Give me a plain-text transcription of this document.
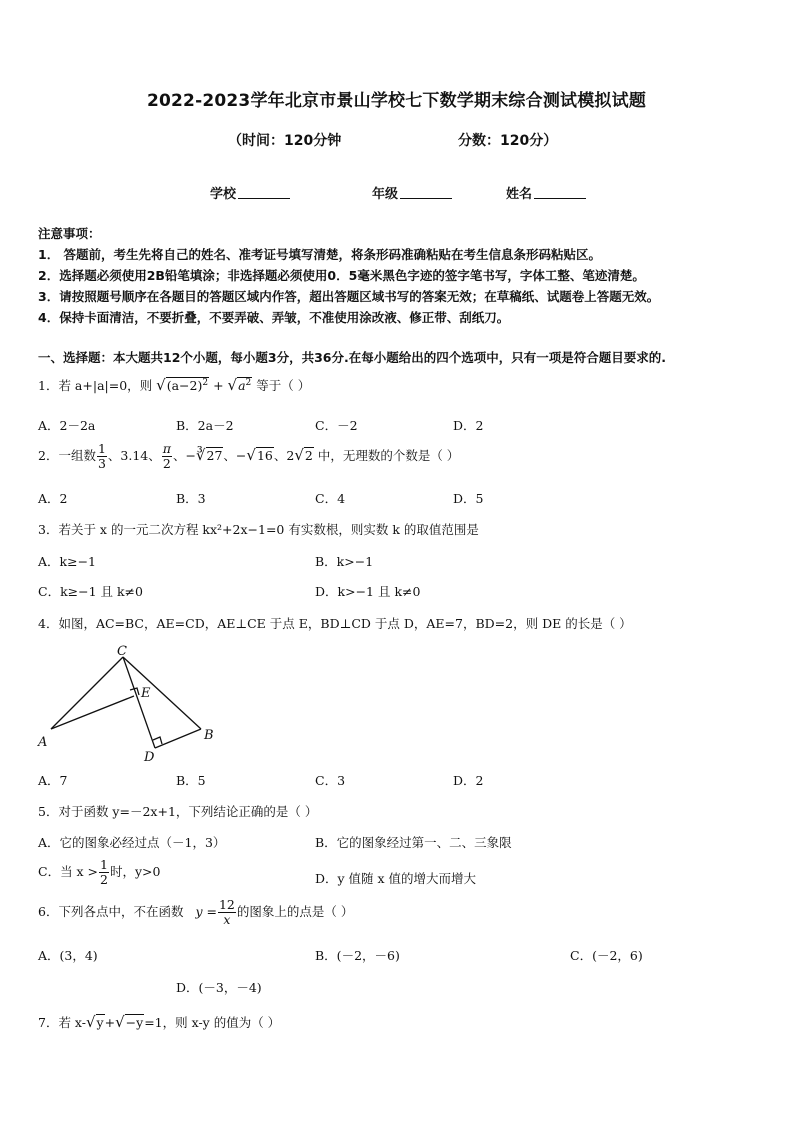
2022-2023学年北京市景山学校七下数学期末综合测试模拟试题
（时间：120分钟	分数：120分）
学校	年级	姓名
注意事项：
1． 答题前，考生先将自己的姓名、准考证号填写清楚，将条形码准确粘贴在考生信息条形码粘贴区。
2．选择题必须使用2B铅笔填涂；非选择题必须使用0．5毫米黑色字迹的签字笔书写，字体工整、笔迹清楚。
3．请按照题号顺序在各题目的答题区域内作答，超出答题区域书写的答案无效；在草稿纸、试题卷上答题无效。
4．保持卡面清洁，不要折叠，不要弄破、弄皱，不准使用涂改液、修正带、刮纸刀。
一、选择题：本大题共12个小题，每小题3分，共36分.在每小题给出的四个选项中，只有一项是符合题目要求的.
1．若 a+|a|=0，则 $√(a-2)^2 + √a^2$ 等于（ ）
A．2－2a	B．2a－2	C．－2	D．2
2．一组数 $\frac{1}{3}$ 、3.14、 $\frac{\pi}{2}$ 、−∛27、−√16、2√2 中，无理数的个数是（ ）
A．2	B．3	C．4	D．5
3．若关于 x 的一元二次方程 kx²+2x−1=0 有实数根，则实数 k 的取值范围是
A．k≥−1	B．k>−1
C．k≥−1 且 k≠0	D．k>−1 且 k≠0
4．如图，AC=BC，AE=CD，AE⊥CE 于点 E，BD⊥CD 于点 D，AE=7，BD=2，则 DE 的长是（ ）
C
E
A
D
B
A．7	B．5	C．3	D．2
5．对于函数 y=－2x+1，下列结论正确的是（ ）
A．它的图象必经过点（－1，3）	B．它的图象经过第一、二、三象限
C．当 $x > \frac{1}{2}$ 时，y>0	D．y 值随 x 值的增大而增大
6．下列各点中，不在函数 $y = \frac{12}{x}$ 的图象上的点是（ ）
A．(3，4)	B．(－2，－6)	C．(－2，6)
D．(－3，－4)
7．若 x-√y+√−y=1，则 x-y 的值为（ ）
